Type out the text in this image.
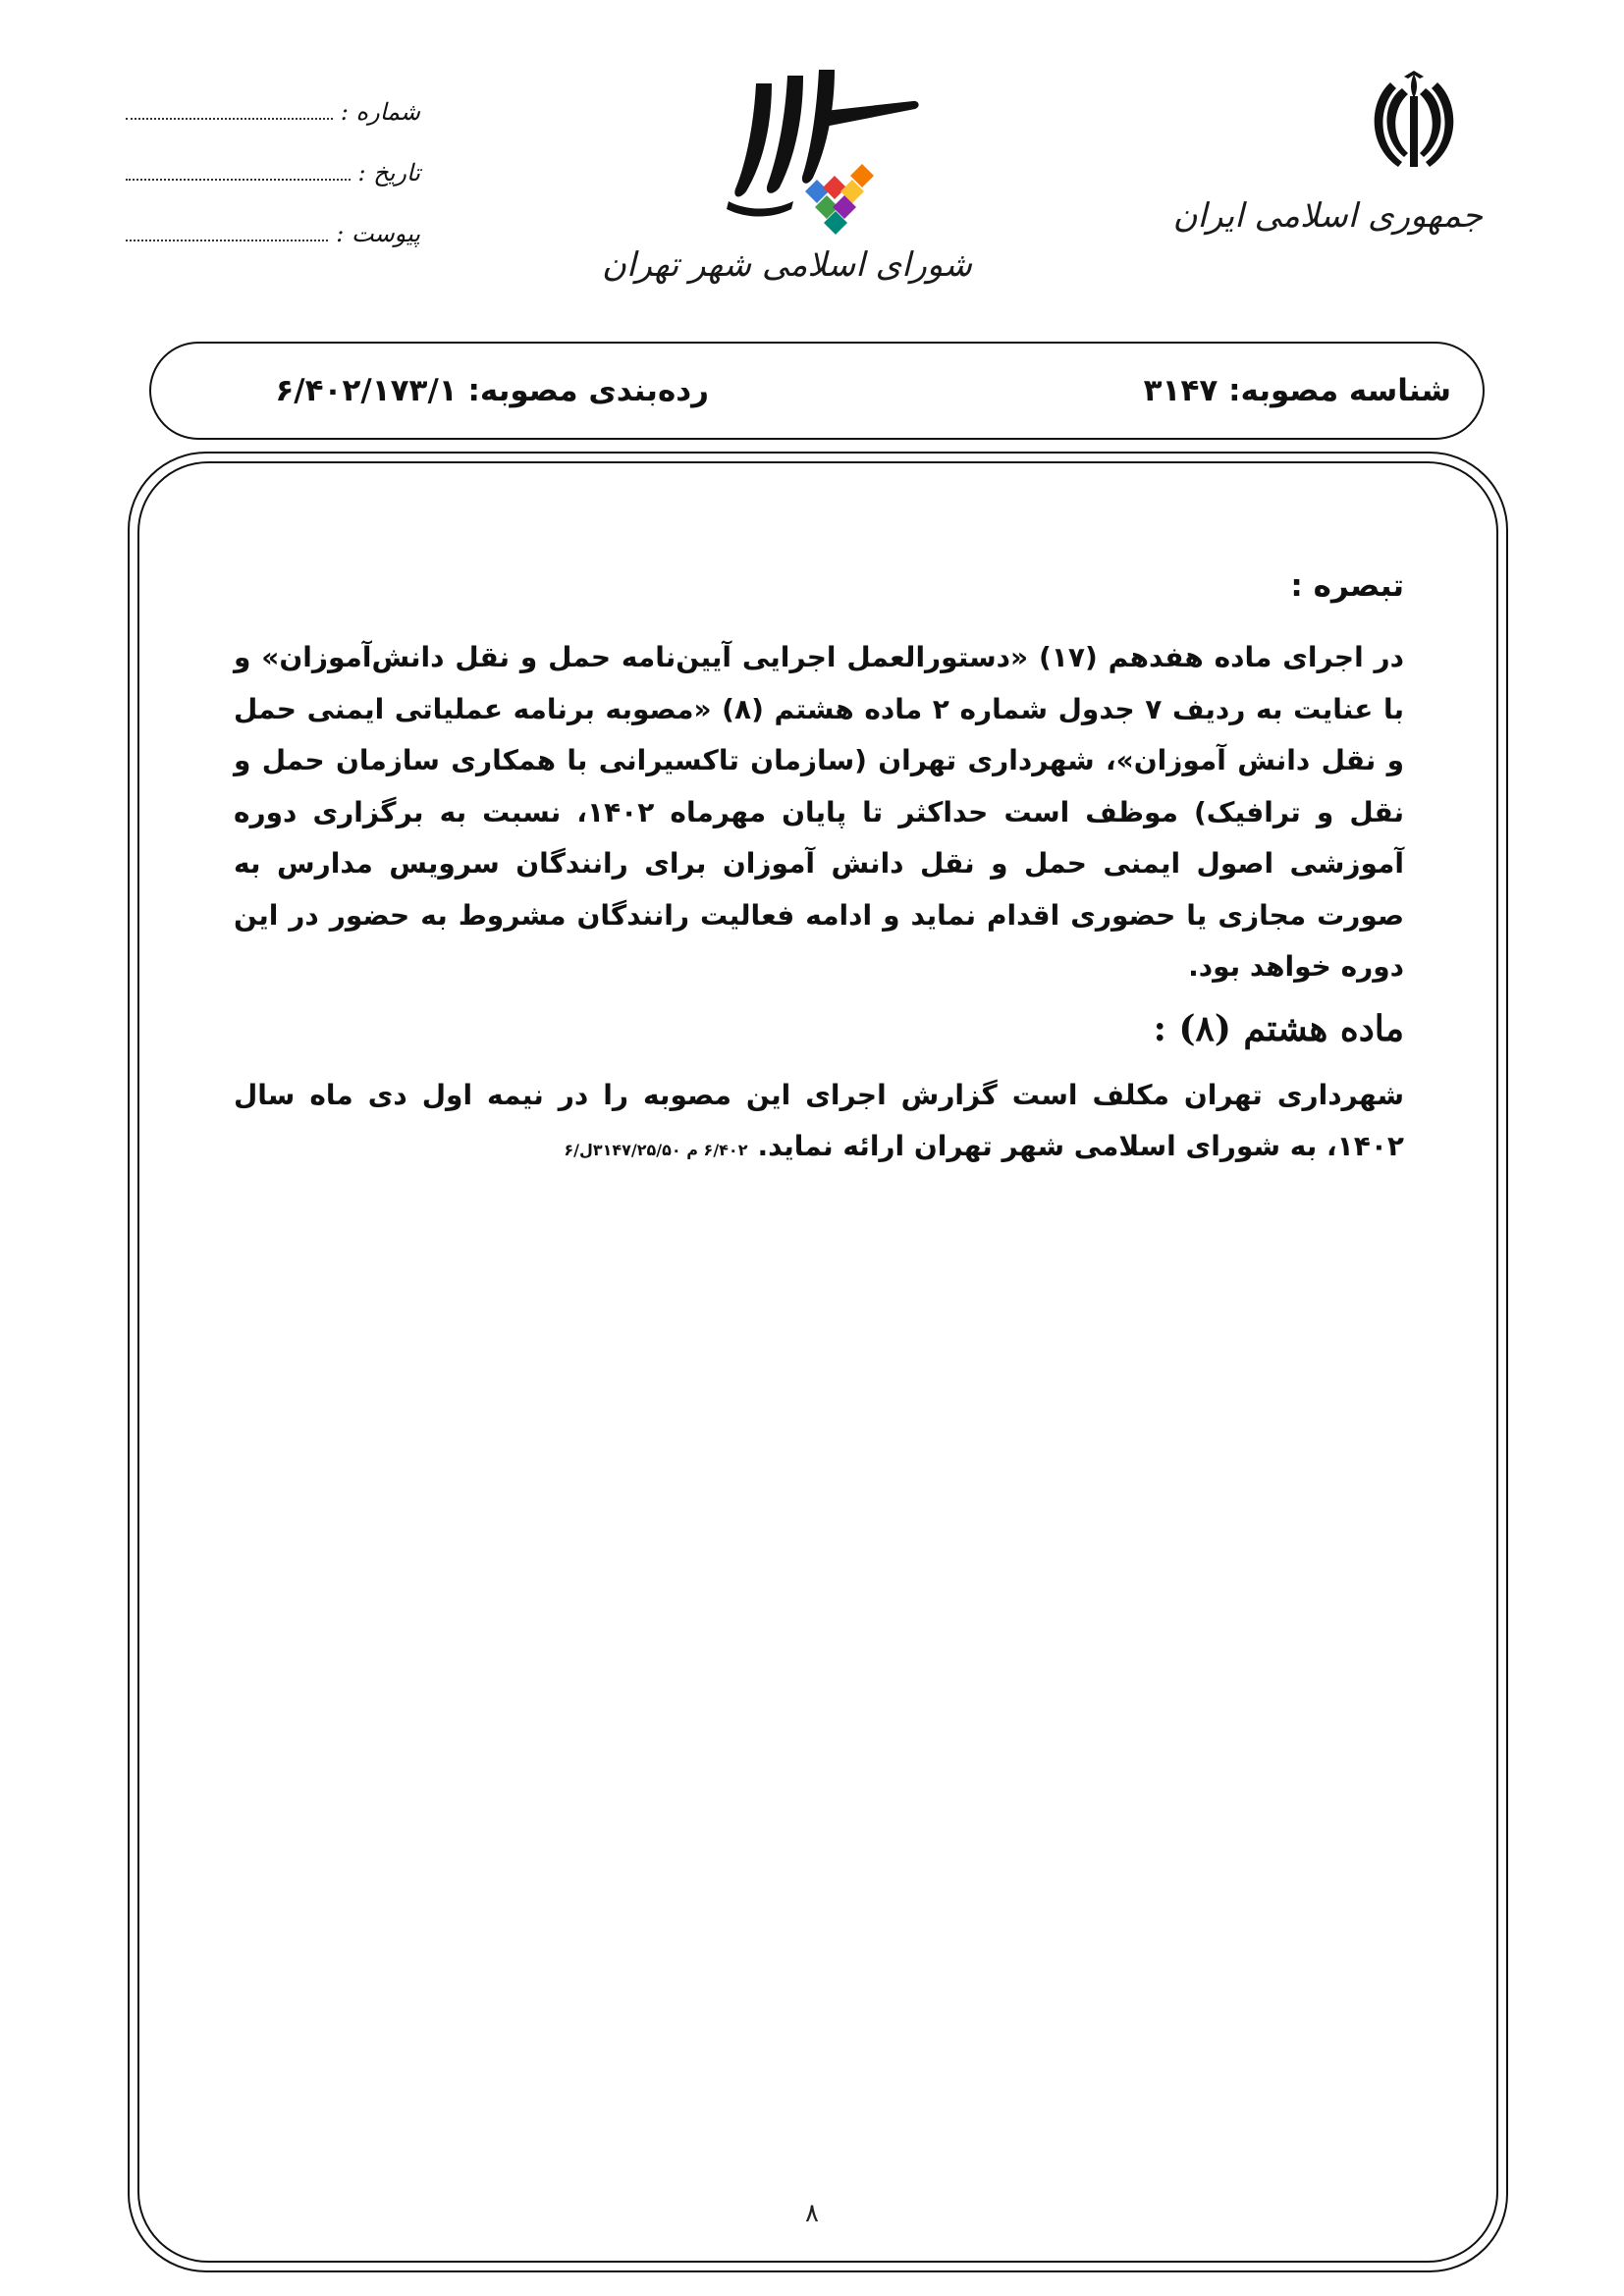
جمهوری اسلامی ایران
شورای اسلامی شهر تهران
شماره :
تاریخ :
پیوست :
شناسه مصوبه: ۳۱۴۷
رده‌بندی مصوبه: ۶/۴۰۲/۱۷۳/۱
تبصره :

در اجرای ماده هفدهم (۱۷) «دستورالعمل اجرایی آیین‌نامه حمل و نقل دانش‌آموزان» و با عنایت به ردیف ۷ جدول شماره ۲ ماده هشتم (۸) «مصوبه برنامه عملیاتی ایمنی حمل و نقل دانش آموزان»، شهرداری تهران (سازمان تاکسیرانی با همکاری سازمان حمل و نقل و ترافیک) موظف است حداکثر تا پایان مهرماه ۱۴۰۲، نسبت به برگزاری دوره آموزشی اصول ایمنی حمل و نقل دانش آموزان برای رانندگان سرویس مدارس به صورت مجازی یا حضوری اقدام نماید و ادامه فعالیت رانندگان مشروط به حضور در این دوره خواهد بود.

ماده هشتم (۸) :

شهرداری تهران مکلف است گزارش اجرای این مصوبه را در نیمه اول دی ماه سال ۱۴۰۲، به شورای اسلامی شهر تهران ارائه نماید.۶/۴۰۲ م ۳۱۴۷/۲۵/۵۰ل/۶

۸
